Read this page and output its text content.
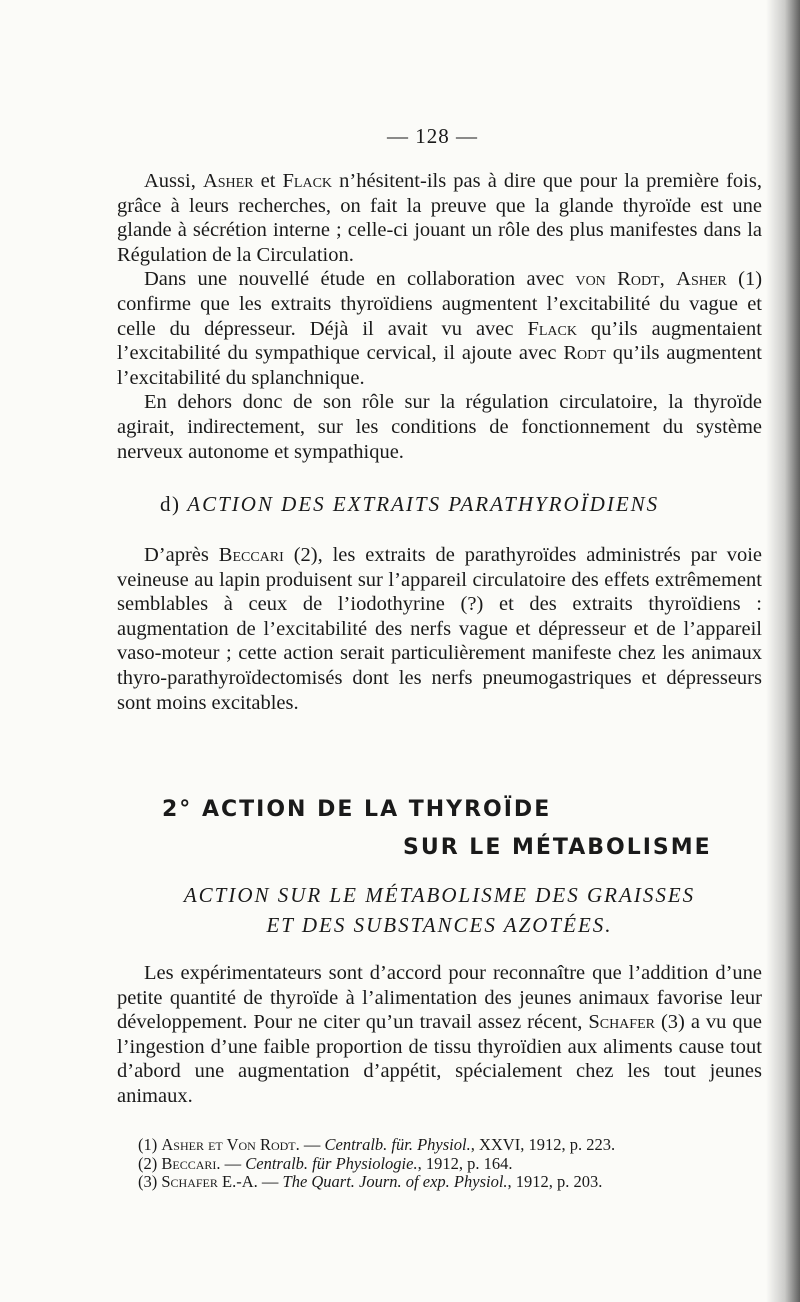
— 128 —

Aussi, Asher et Flack n’hésitent-ils pas à dire que pour la première fois, grâce à leurs recherches, on fait la preuve que la glande thyroïde est une glande à sécrétion interne ; celle-ci jouant un rôle des plus manifestes dans la Régulation de la Circulation.

Dans une nouvellé étude en collaboration avec von Rodt, Asher (1) confirme que les extraits thyroïdiens augmentent l’excitabilité du vague et celle du dépresseur. Déjà il avait vu avec Flack qu’ils augmentaient l’excitabilité du sympathique cervical, il ajoute avec Rodt qu’ils augmentent l’excitabilité du splanchnique.

En dehors donc de son rôle sur la régulation circulatoire, la thyroïde agirait, indirectement, sur les conditions de fonctionnement du système nerveux autonome et sympathique.

d) ACTION DES EXTRAITS PARATHYROÏDIENS

D’après Beccari (2), les extraits de parathyroïdes administrés par voie veineuse au lapin produisent sur l’appareil circulatoire des effets extrêmement semblables à ceux de l’iodothyrine (?) et des extraits thyroïdiens : augmentation de l’excitabilité des nerfs vague et dépresseur et de l’appareil vaso-moteur ; cette action serait particulièrement manifeste chez les animaux thyro-parathyroïdectomisés dont les nerfs pneumogastriques et dépresseurs sont moins excitables.

2° ACTION DE LA THYROÏDE
SUR LE MÉTABOLISME
ACTION SUR LE MÉTABOLISME DES GRAISSES
ET DES SUBSTANCES AZOTÉES.

Les expérimentateurs sont d’accord pour reconnaître que l’addition d’une petite quantité de thyroïde à l’alimentation des jeunes animaux favorise leur développement. Pour ne citer qu’un travail assez récent, Schafer (3) a vu que l’ingestion d’une faible proportion de tissu thyroïdien aux aliments cause tout d’abord une augmentation d’appétit, spécialement chez les tout jeunes animaux.

(1) Asher et Von Rodt. — Centralb. für. Physiol., XXVI, 1912, p. 223.
(2) Beccari. — Centralb. für Physiologie., 1912, p. 164.
(3) Schafer E.-A. — The Quart. Journ. of exp. Physiol., 1912, p. 203.
